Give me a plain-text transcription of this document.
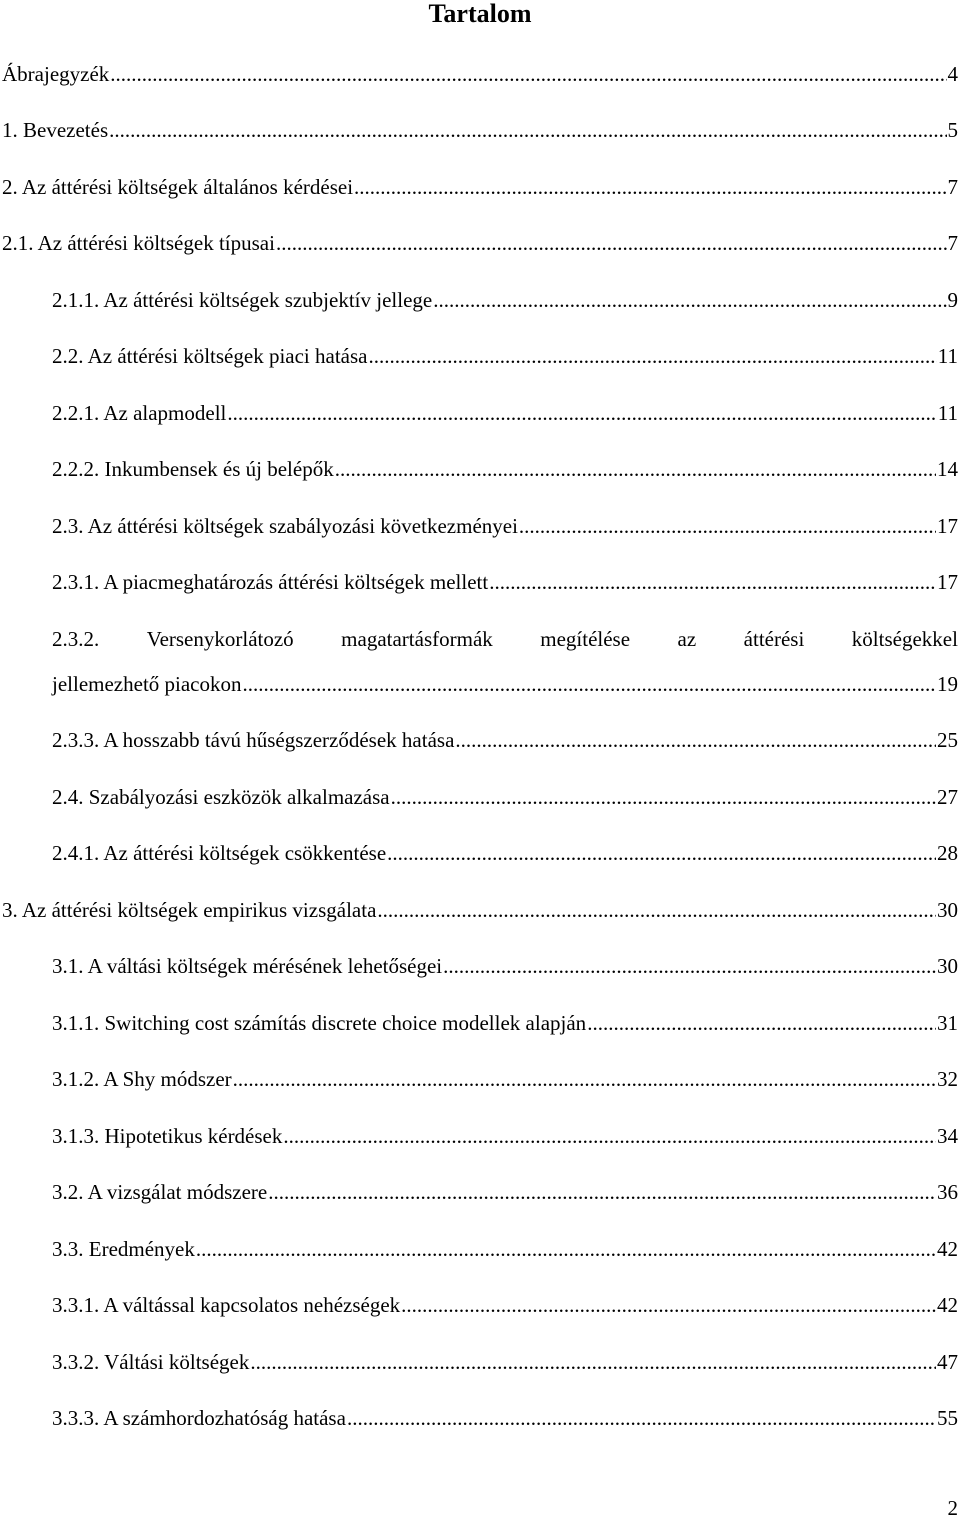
Tartalom
Ábrajegyzék .....	4
1. Bevezetés .....	5
2. Az áttérési költségek általános kérdései .....	7
2.1. Az áttérési költségek típusai .....	7
2.1.1. Az áttérési költségek szubjektív jellege .....	9
2.2. Az áttérési költségek piaci hatása .....	11
2.2.1. Az alapmodell .....	11
2.2.2. Inkumbensek és új belépők .....	14
2.3. Az áttérési költségek szabályozási következményei .....	17
2.3.1. A piacmeghatározás áttérési költségek mellett .....	17
2.3.2. Versenykorlátozó magatartásformák megítélése az áttérési költségekkel
jellemezhető piacokon .....	19
2.3.3. A hosszabb távú hűségszerződések hatása .....	25
2.4. Szabályozási eszközök alkalmazása .....	27
2.4.1. Az áttérési költségek csökkentése .....	28
3. Az áttérési költségek empirikus vizsgálata .....	30
3.1. A váltási költségek mérésének lehetőségei .....	30
3.1.1. Switching cost számítás discrete choice modellek alapján .....	31
3.1.2. A Shy módszer .....	32
3.1.3. Hipotetikus kérdések .....	34
3.2. A vizsgálat módszere .....	36
3.3. Eredmények .....	42
3.3.1. A váltással kapcsolatos nehézségek .....	42
3.3.2. Váltási költségek .....	47
3.3.3. A számhordozhatóság hatása .....	55

2
